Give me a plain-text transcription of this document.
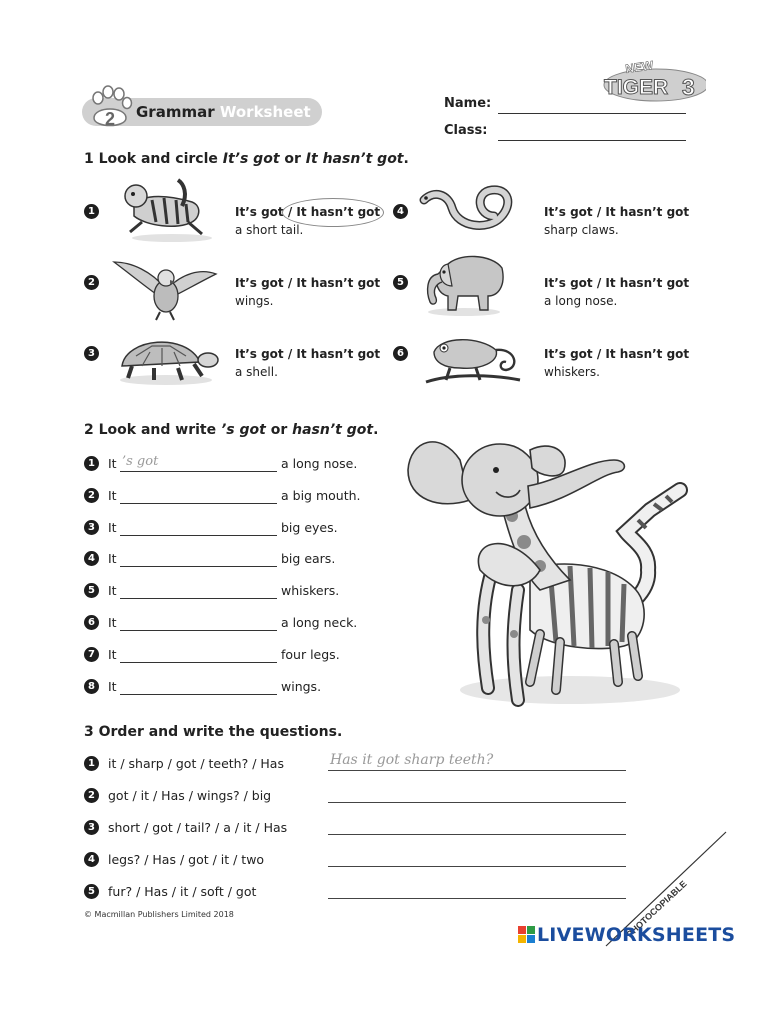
NEW
TIGER 3
2 Grammar Worksheet	Name:
Class:
1 Look and circle It’s got or It hasn’t got.
1	It’s got / It hasn’t got
a short tail.
2	It’s got / It hasn’t got
wings.
3	It’s got / It hasn’t got
a shell.
4	It’s got / It hasn’t got
sharp claws.
5	It’s got / It hasn’t got
a long nose.
6	It’s got / It hasn’t got
whiskers.
2 Look and write ’s got or hasn’t got.
1	It ’s got	a long nose.
2	It	a big mouth.
3	It	big eyes.
4	It	big ears.
5	It	whiskers.
6	It	a long neck.
7	It	four legs.
8	It	wings.
3 Order and write the questions.
1	it / sharp / got / teeth? / Has	Has it got sharp teeth?
2	got / it / Has / wings? / big
3	short / got / tail? / a / it / Has
4	legs? / Has / got / it / two
5	fur? / Has / it / soft / got
© Macmillan Publishers Limited 2018	PHOTOCOPIABLE
LIVEWORKSHEETS
